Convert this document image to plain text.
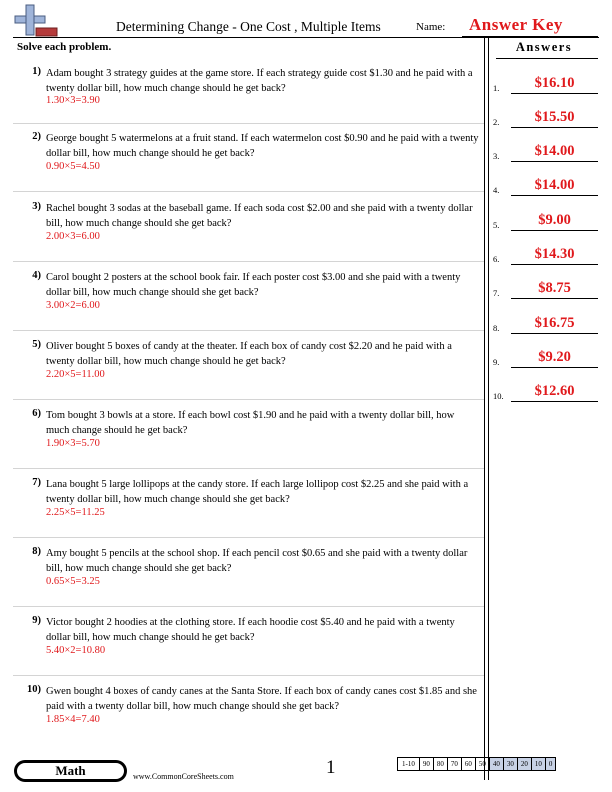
Determining Change - One Cost , Multiple Items	Name: Answer Key
Solve each problem.	Answers
1) Adam bought 3 strategy guides at the game store. If each strategy guide cost $1.30 and he paid with a twenty dollar bill, how much change should he get back?
1.30×3=3.90
2) George bought 5 watermelons at a fruit stand. If each watermelon cost $0.90 and he paid with a twenty dollar bill, how much change should he get back?
0.90×5=4.50
3) Rachel bought 3 sodas at the baseball game. If each soda cost $2.00 and she paid with a twenty dollar bill, how much change should she get back?
2.00×3=6.00
4) Carol bought 2 posters at the school book fair. If each poster cost $3.00 and she paid with a twenty dollar bill, how much change should she get back?
3.00×2=6.00
5) Oliver bought 5 boxes of candy at the theater. If each box of candy cost $2.20 and he paid with a twenty dollar bill, how much change should he get back?
2.20×5=11.00
6) Tom bought 3 bowls at a store. If each bowl cost $1.90 and he paid with a twenty dollar bill, how much change should he get back?
1.90×3=5.70
7) Lana bought 5 large lollipops at the candy store. If each large lollipop cost $2.25 and she paid with a twenty dollar bill, how much change should she get back?
2.25×5=11.25
8) Amy bought 5 pencils at the school shop. If each pencil cost $0.65 and she paid with a twenty dollar bill, how much change should she get back?
0.65×5=3.25
9) Victor bought 2 hoodies at the clothing store. If each hoodie cost $5.40 and he paid with a twenty dollar bill, how much change should he get back?
5.40×2=10.80
10) Gwen bought 4 boxes of candy canes at the Santa Store. If each box of candy canes cost $1.85 and she paid with a twenty dollar bill, how much change should she get back?
1.85×4=7.40
1.	$16.10
2.	$15.50
3.	$14.00
4.	$14.00
5.	$9.00
6.	$14.30
7.	$8.75
8.	$16.75
9.	$9.20
10.	$12.60
Math	www.CommonCoreSheets.com	1	1-10	90	80	70	60	50	40	30	20	10	0
